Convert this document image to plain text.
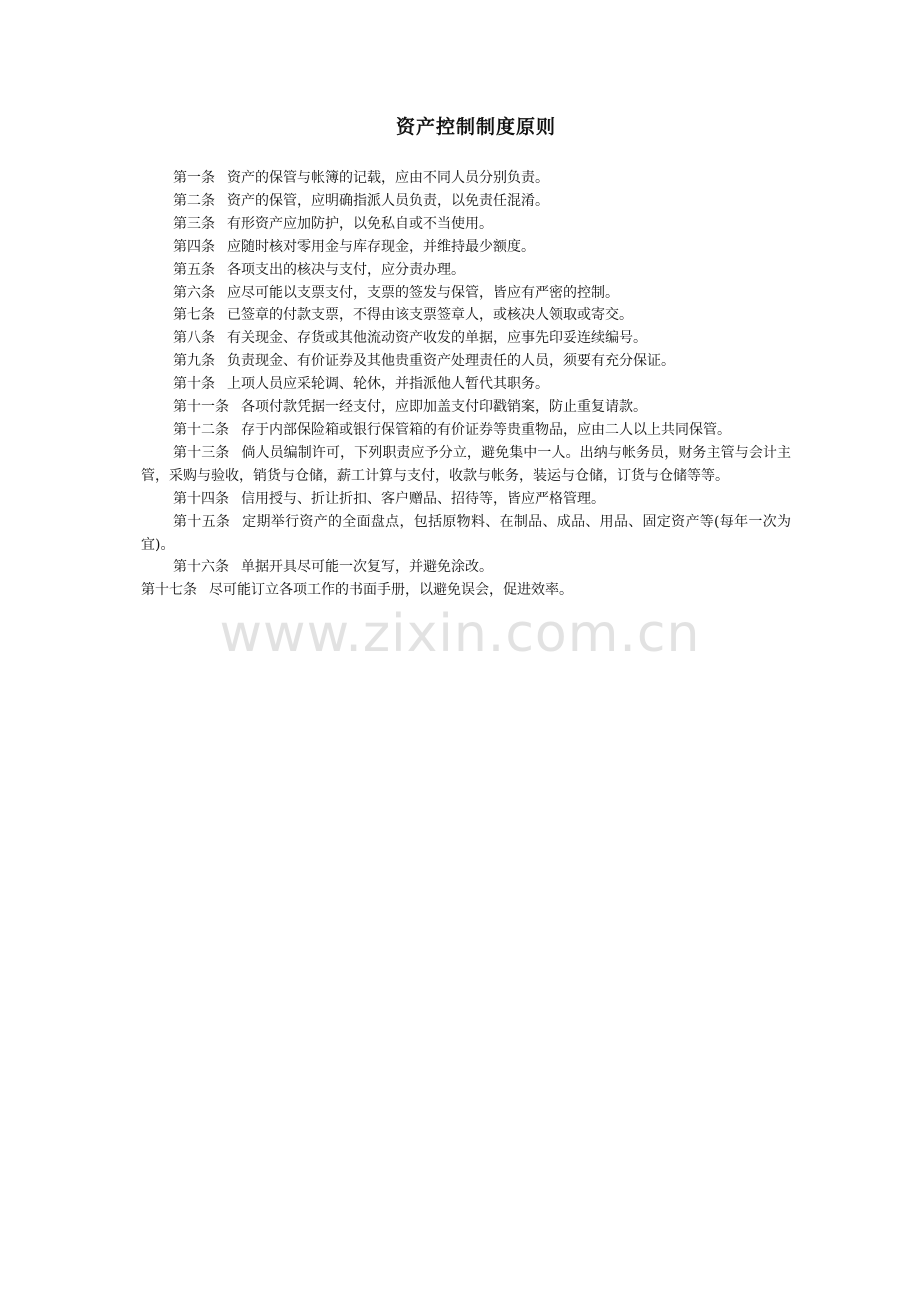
资产控制制度原则

第一条 资产的保管与帐簿的记载，应由不同人员分别负责。

第二条 资产的保管，应明确指派人员负责，以免责任混淆。

第三条 有形资产应加防护，以免私自或不当使用。

第四条 应随时核对零用金与库存现金，并维持最少额度。

第五条 各项支出的核决与支付，应分责办理。

第六条 应尽可能以支票支付，支票的签发与保管，皆应有严密的控制。

第七条 已签章的付款支票，不得由该支票签章人，或核决人领取或寄交。

第八条 有关现金、存货或其他流动资产收发的单据，应事先印妥连续编号。

第九条 负责现金、有价证券及其他贵重资产处理责任的人员，须要有充分保证。

第十条 上项人员应采轮调、轮休，并指派他人暂代其职务。

第十一条 各项付款凭据一经支付，应即加盖支付印戳销案，防止重复请款。

第十二条 存于内部保险箱或银行保管箱的有价证券等贵重物品，应由二人以上共同保管。

第十三条 倘人员编制许可，下列职责应予分立，避免集中一人。出纳与帐务员，财务主管与会计主管，采购与验收，销货与仓储，薪工计算与支付，收款与帐务，装运与仓储，订货与仓储等等。

第十四条 信用授与、折让折扣、客户赠品、招待等，皆应严格管理。

第十五条 定期举行资产的全面盘点，包括原物料、在制品、成品、用品、固定资产等(每年一次为宜)。

第十六条 单据开具尽可能一次复写，并避免涂改。

第十七条 尽可能订立各项工作的书面手册，以避免误会，促进效率。

www.zixin.com.cn
